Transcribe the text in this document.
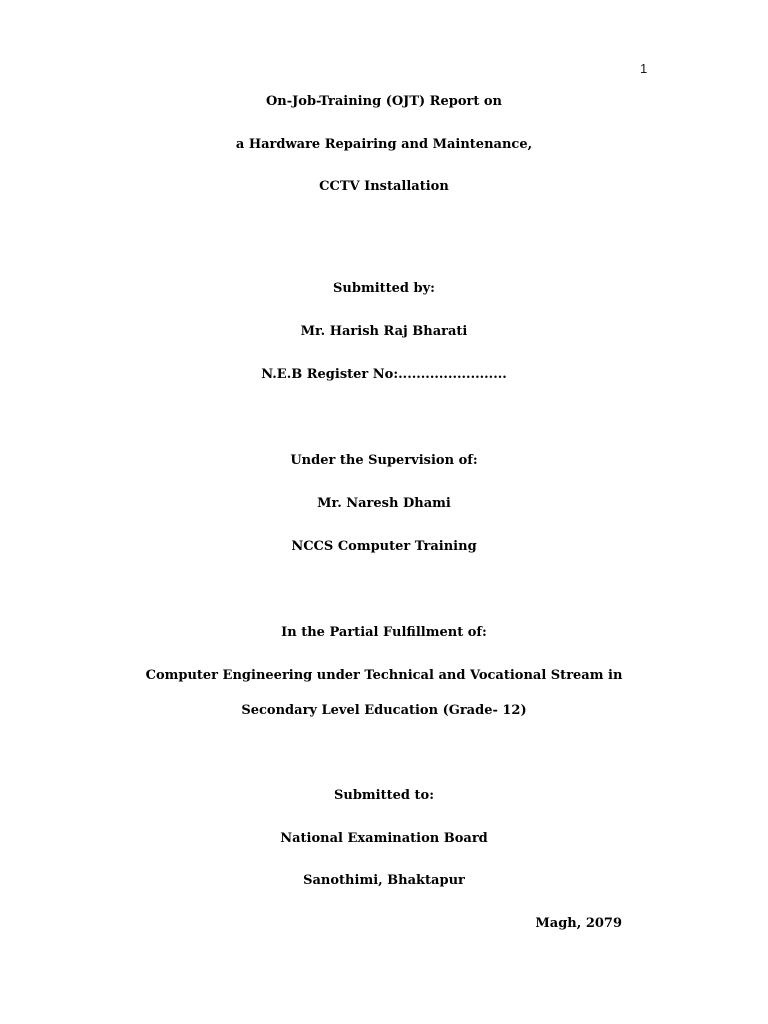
1
On-Job-Training (OJT) Report on
a Hardware Repairing and Maintenance,
CCTV Installation
Submitted by:
Mr. Harish Raj Bharati
N.E.B Register No:........................
Under the Supervision of:
Mr. Naresh Dhami
NCCS Computer Training
In the Partial Fulfillment of:
Computer Engineering under Technical and Vocational Stream in
Secondary Level Education (Grade- 12)
Submitted to:
National Examination Board
Sanothimi, Bhaktapur
Magh, 2079
